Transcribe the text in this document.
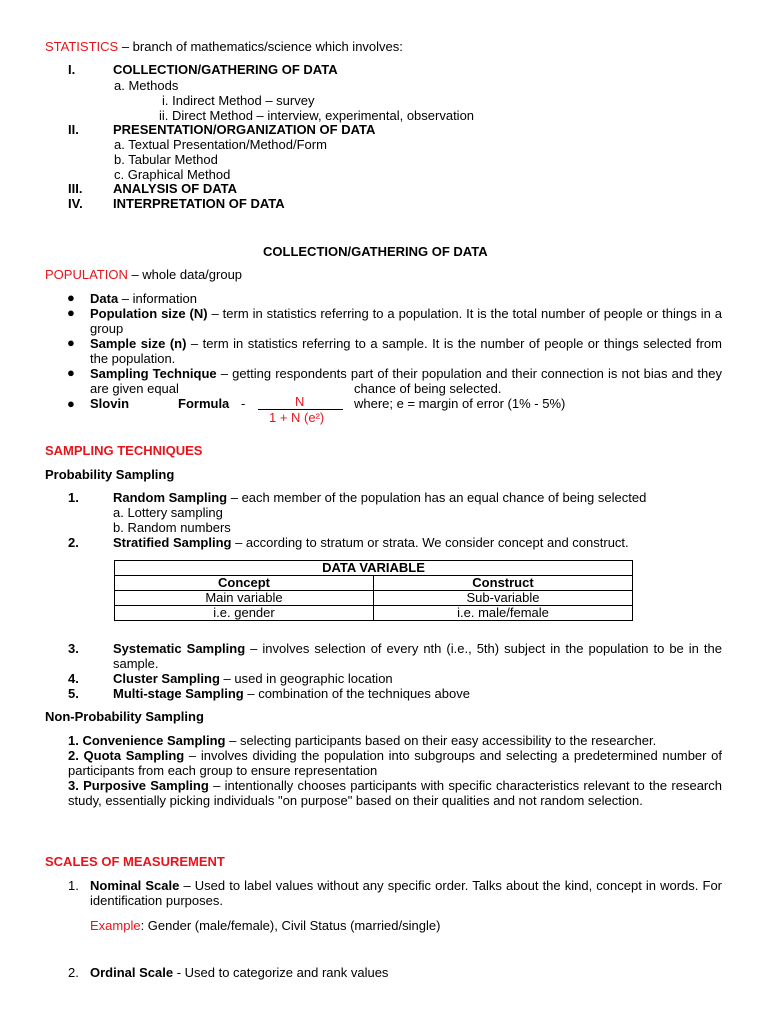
STATISTICS – branch of mathematics/science which involves:
I.	COLLECTION/GATHERING OF DATA
a. Methods
i. Indirect Method – survey
ii. Direct Method – interview, experimental, observation
II.	PRESENTATION/ORGANIZATION OF DATA
a. Textual Presentation/Method/Form
b. Tabular Method
c. Graphical Method
III. ANALYSIS OF DATA
IV. INTERPRETATION OF DATA
COLLECTION/GATHERING OF DATA
POPULATION – whole data/group
● Data – information
● Population size (N) – term in statistics referring to a population. It is the total number of people or things in a group
● Sample size (n) – term in statistics referring to a sample. It is the number of people or things selected from the population.
● Sampling Technique – getting respondents part of their population and their connection is not bias and they are given equal	chance of being selected.
● Slovin	Formula -	N
1 + N (e²)
where; e = margin of error (1% - 5%)
SAMPLING TECHNIQUES
Probability Sampling
1.	Random Sampling – each member of the population has an equal chance of being selected
a. Lottery sampling
b. Random numbers
2.	Stratified Sampling – according to stratum or strata. We consider concept and construct.
DATA VARIABLE	
Concept	Construct
Main variable	Sub-variable
i.e. gender	i.e. male/female
3.	Systematic Sampling – involves selection of every nth (i.e., 5th) subject in the population to be in the sample.
4.	Cluster Sampling – used in geographic location
5.	Multi-stage Sampling – combination of the techniques above
Non-Probability Sampling
1. Convenience Sampling – selecting participants based on their easy accessibility to the researcher.
2. Quota Sampling – involves dividing the population into subgroups and selecting a predetermined number of participants from each group to ensure representation
3. Purposive Sampling – intentionally chooses participants with specific characteristics relevant to the research study, essentially picking individuals "on purpose" based on their qualities and not random selection.
SCALES OF MEASUREMENT
1. Nominal Scale – Used to label values without any specific order. Talks about the kind, concept in words. For identification purposes.
Example: Gender (male/female), Civil Status (married/single)
2. Ordinal Scale - Used to categorize and rank values
